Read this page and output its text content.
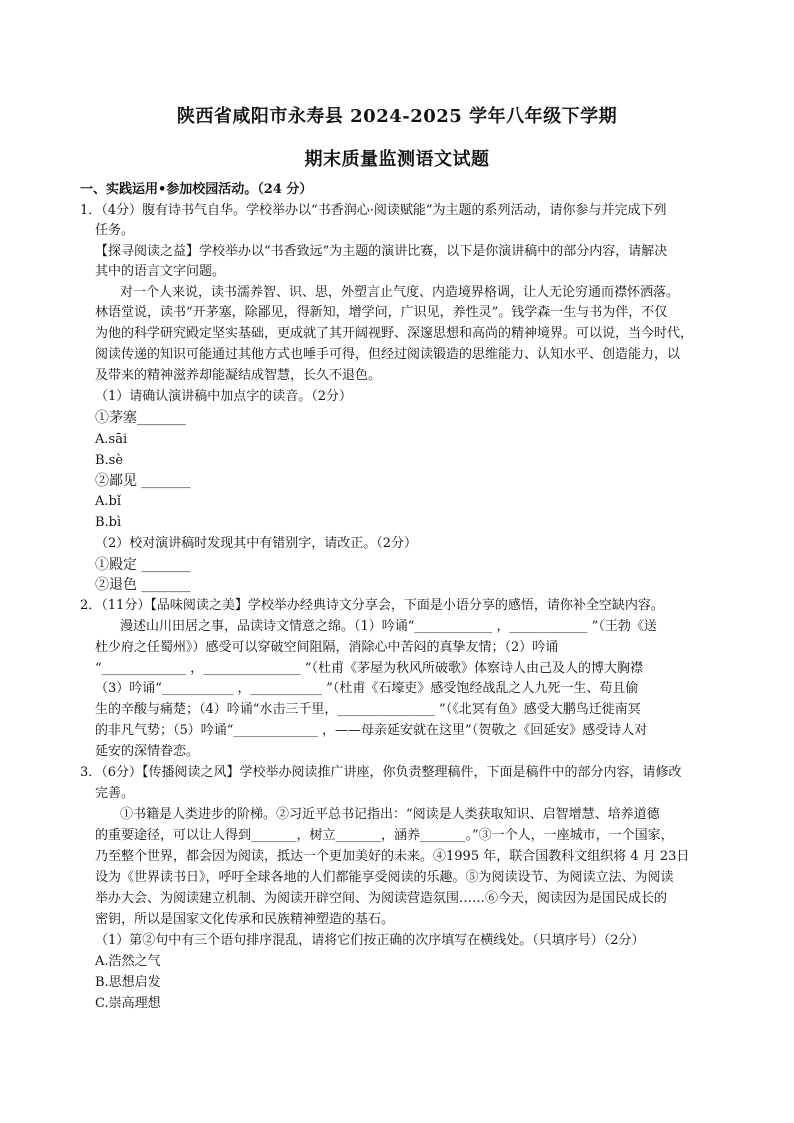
陕西省咸阳市永寿县 2024-2025 学年八年级下学期
期末质量监测语文试题
一、实践运用•参加校园活动。（24 分）
1．（4分）腹有诗书气自华。学校举办以“书香润心·阅读赋能”为主题的系列活动，请你参与并完成下列
任务。
【探寻阅读之益】学校举办以“书香致远”为主题的演讲比赛，以下是你演讲稿中的部分内容，请解决
其中的语言文字问题。
对一个人来说，读书濡养智、识、思，外塑言止气度、内造境界格调，让人无论穷通而襟怀洒落。
林语堂说，读书“开茅塞，除鄙见，得新知，增学问，广识见，养性灵”。钱学森一生与书为伴，不仅
为他的科学研究殿定坚实基础，更成就了其开阔视野、深邃思想和高尚的精神境界。可以说，当今时代，
阅读传递的知识可能通过其他方式也唾手可得，但经过阅读锻造的思维能力、认知水平、创造能力，以
及带来的精神滋养却能凝结成智慧，长久不退色。
（1）请确认演讲稿中加点字的读音。（2分）
①茅塞_______
A.sāi
B.sè
②鄙见 _______
A.bǐ
B.bì
（2）校对演讲稿时发现其中有错别字，请改正。（2分）
①殿定 _______
②退色 _______
2．（11分）【品味阅读之美】学校举办经典诗文分享会，下面是小语分享的感悟，请你补全空缺内容。
漫述山川田居之事，品读诗文情意之绵。（1）吟诵“____________ ，____________ ”（王勃《送
杜少府之任蜀州》）感受可以穿破空间阻隔，消除心中苦闷的真挚友情；（2）吟诵
“_____________ ，_______________ ”（杜甫《茅屋为秋风所破歌》体察诗人由己及人的博大胸襟
（3）吟诵“___________ ，___________ ”（杜甫《石壕吏》感受饱经战乱之人九死一生、苟且偷
生的辛酸与痛楚；（4）吟诵“水击三千里，_______________ ”（《北冥有鱼》感受大鹏鸟迁徙南冥
的非凡气势；（5）吟诵“_____________ ，——母亲延安就在这里”（贺敬之《回延安》感受诗人对
延安的深情眷恋。
3．（6分）【传播阅读之风】学校举办阅读推广讲座，你负责整理稿件，下面是稿件中的部分内容，请修改
完善。
①书籍是人类进步的阶梯。②习近平总书记指出：“阅读是人类获取知识、启智增慧、培养道德
的重要途径，可以让人得到_______，树立_______，涵养_______。”③一个人，一座城市，一个国家，
乃至整个世界，都会因为阅读，抵达一个更加美好的未来。④1995 年，联合国教科文组织将 4 月 23日
设为《世界读书日》，呼吁全球各地的人们都能享受阅读的乐趣。⑤为阅读设节、为阅读立法、为阅读
举办大会、为阅读建立机制、为阅读开辟空间、为阅读营造氛围……⑥今天，阅读因为是国民成长的
密钥，所以是国家文化传承和民族精神塑造的基石。
（1）第②句中有三个语句排序混乱，请将它们按正确的次序填写在横线处。（只填序号）（2分）
A.浩然之气
B.思想启发
C.崇高理想
